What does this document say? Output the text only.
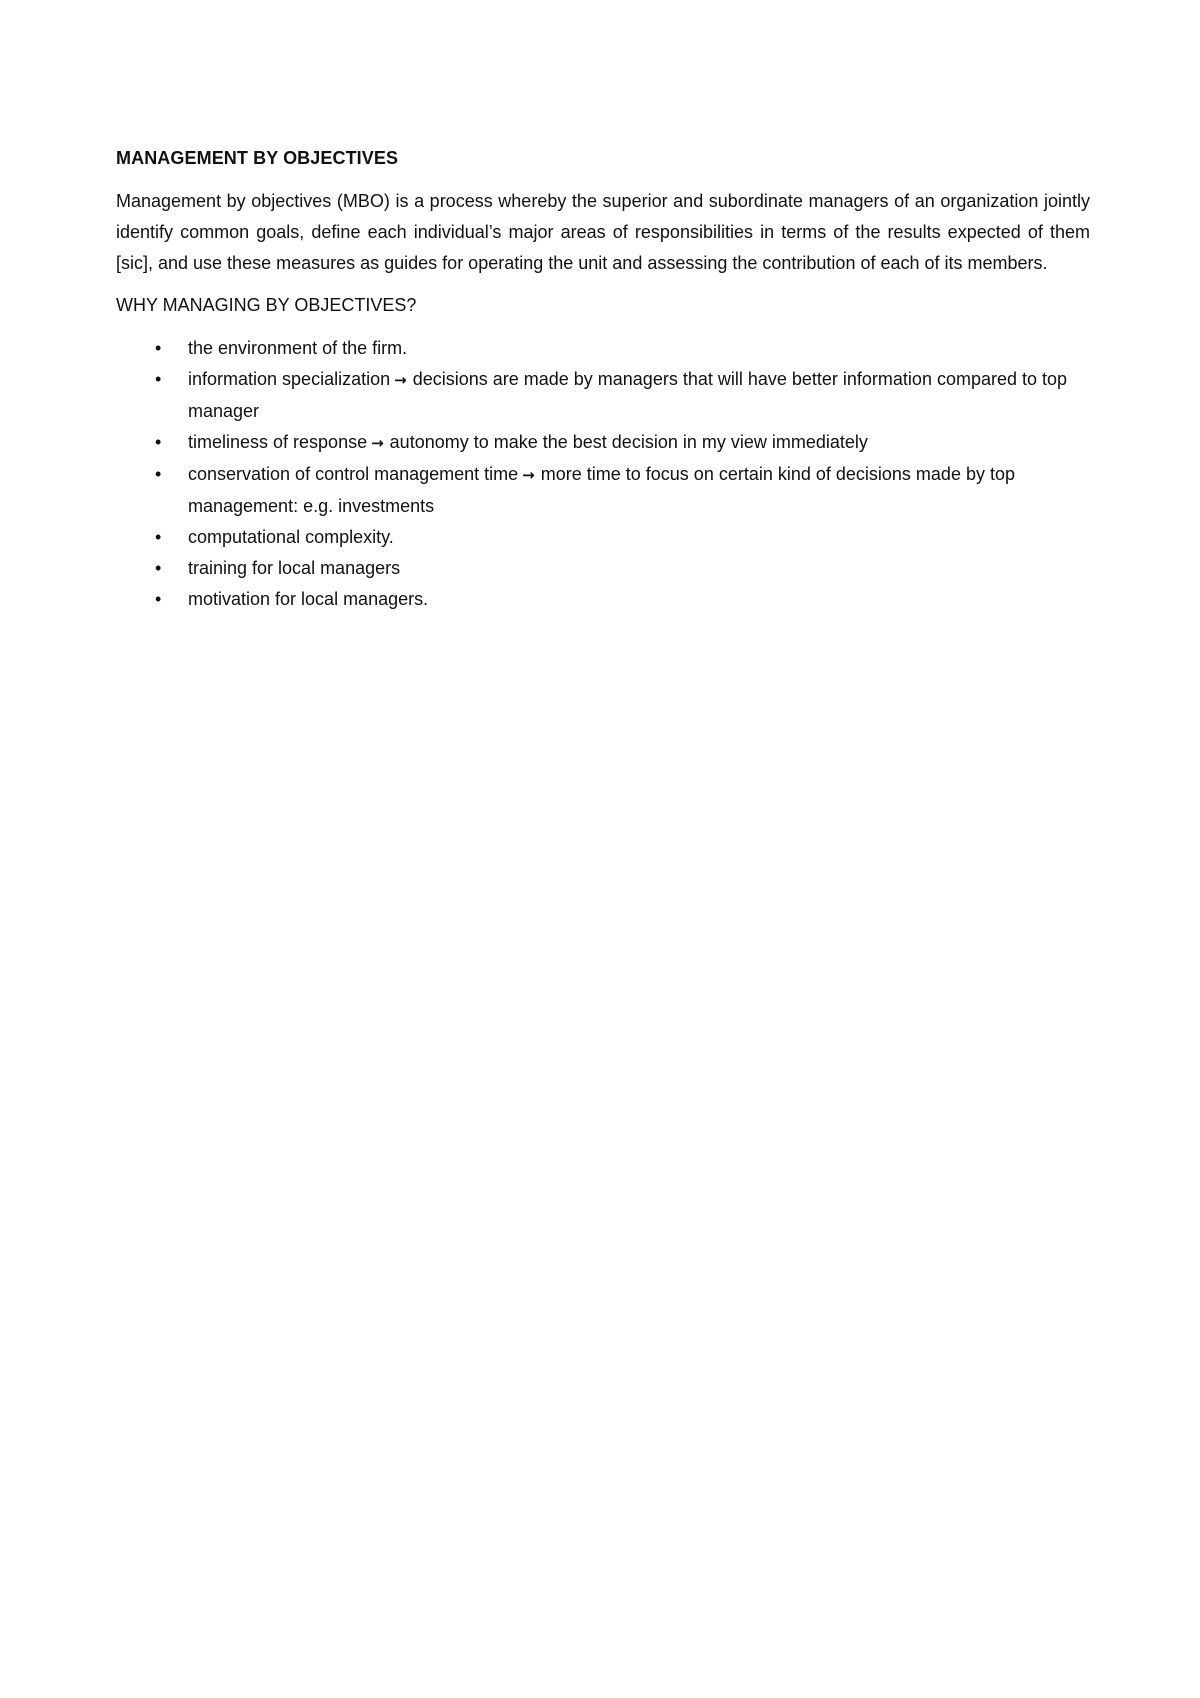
MANAGEMENT BY OBJECTIVES

Management by objectives (MBO) is a process whereby the superior and subordinate managers of an organization jointly identify common goals, define each individual’s major areas of responsibilities in terms of the results expected of them [sic], and use these measures as guides for operating the unit and assessing the contribution of each of its members.

WHY MANAGING BY OBJECTIVES?
• the environment of the firm.
• information specialization → decisions are made by managers that will have better information compared to top manager
• timeliness of response → autonomy to make the best decision in my view immediately
• conservation of control management time → more time to focus on certain kind of decisions made by top management: e.g. investments
• computational complexity.
• training for local managers
• motivation for local managers.
